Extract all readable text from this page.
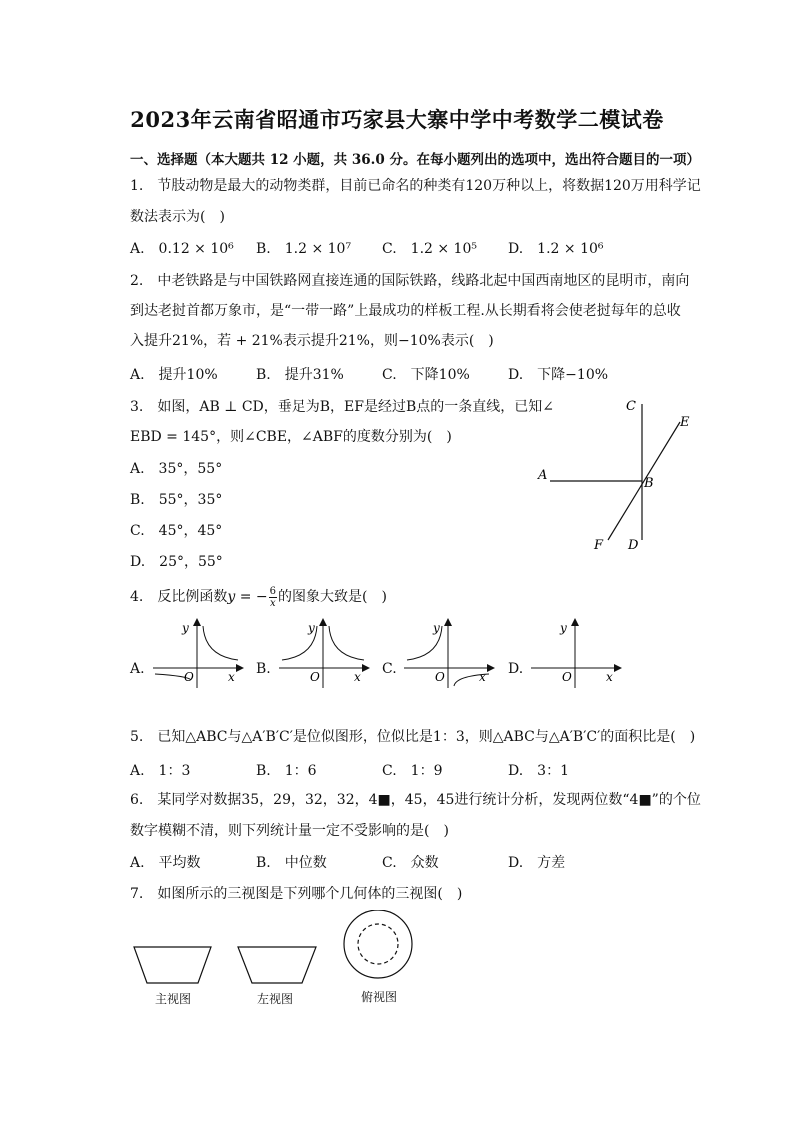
2023年云南省昭通市巧家县大寨中学中考数学二模试卷
一、选择题（本大题共 12 小题，共 36.0 分。在每小题列出的选项中，选出符合题目的一项）
1.　节肢动物是最大的动物类群，目前已命名的种类有120万种以上，将数据120万用科学记
数法表示为(　)
A.　0.12 × 10⁶ B.　1.2 × 10⁷ C.　1.2 × 10⁵ D.　1.2 × 10⁶
2.　中老铁路是与中国铁路网直接连通的国际铁路，线路北起中国西南地区的昆明市，南向
到达老挝首都万象市，是“一带一路”上最成功的样板工程.从长期看将会使老挝每年的总收
入提升21%，若 + 21%表示提升21%，则−10%表示(　)
A.　提升10%	B.　提升31%	C.　下降10%	D.　下降−10%
3.　如图，AB ⊥ CD，垂足为B，EF是经过B点的一条直线，已知∠
EBD = 145°，则∠CBE，∠ABF的度数分别为(　)
A.　35°，55°
B.　55°，35°
C.　45°，45°
D.　25°，55°
C
E
A
B
F D
4.　反比例函数y = − $\frac{6}{x}$ 的图象大致是(　)
A.	B.	C.	D.
y
x
O
y
x
O
y
x
O
y
x
O
5.　已知△ABC与△A′B′C′是位似图形，位似比是1：3，则△ABC与△A′B′C′的面积比是(　)
A.　1：3	B.　1：6	C.　1：9	D.　3：1
6.　某同学对数据35，29，32，32，4■，45，45进行统计分析，发现两位数“4■”的个位
数字模糊不清，则下列统计量一定不受影响的是(　)
A.　平均数	B.　中位数	C.　众数	D.　方差
7.　如图所示的三视图是下列哪个几何体的三视图(　)
主视图	左视图	俯视图
